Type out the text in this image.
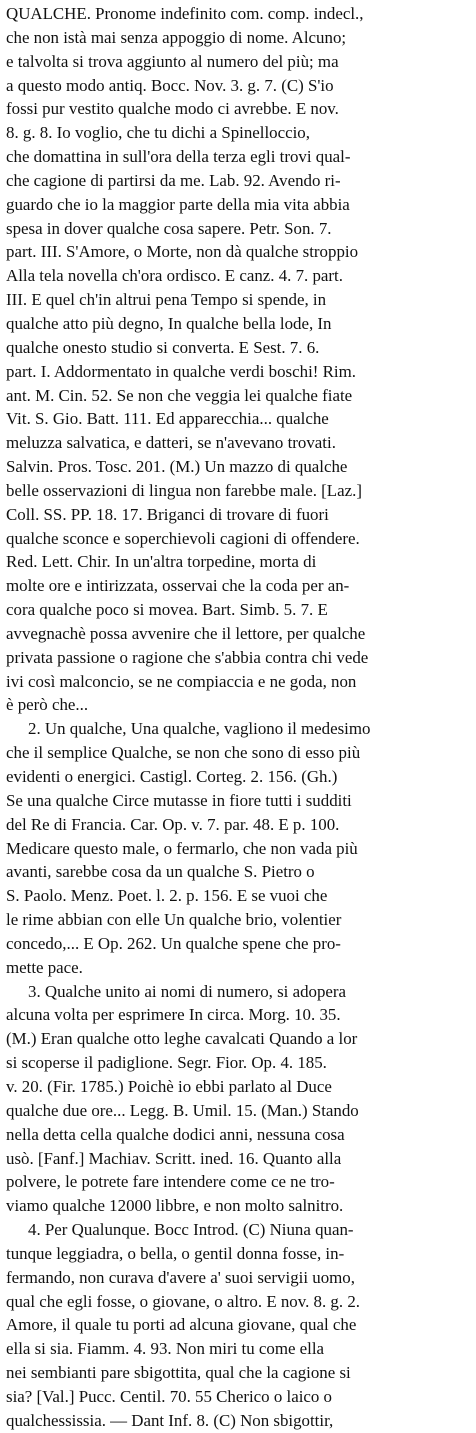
QUALCHE. Pronome indefinito com. comp. indecl.,
che non istà mai senza appoggio di nome. Alcuno;
e talvolta si trova aggiunto al numero del più; ma
a questo modo antiq. Bocc. Nov. 3. g. 7. (C) S'io
fossi pur vestito qualche modo ci avrebbe. E nov.
8. g. 8. Io voglio, che tu dichi a Spinelloccio,
che domattina in sull'ora della terza egli trovi qual-
che cagione di partirsi da me. Lab. 92. Avendo ri-
guardo che io la maggior parte della mia vita abbia
spesa in dover qualche cosa sapere. Petr. Son. 7.
part. III. S'Amore, o Morte, non dà qualche stroppio
Alla tela novella ch'ora ordisco. E canz. 4. 7. part.
III. E quel ch'in altrui pena Tempo si spende, in
qualche atto più degno, In qualche bella lode, In
qualche onesto studio si converta. E Sest. 7. 6.
part. I. Addormentato in qualche verdi boschi! Rim.
ant. M. Cin. 52. Se non che veggia lei qualche fiate
Vit. S. Gio. Batt. 111. Ed apparecchia... qualche
meluzza salvatica, e datteri, se n'avevano trovati.
Salvin. Pros. Tosc. 201. (M.) Un mazzo di qualche
belle osservazioni di lingua non farebbe male. [Laz.]
Coll. SS. PP. 18. 17. Briganci di trovare di fuori
qualche sconce e soperchievoli cagioni di offendere.
Red. Lett. Chir. In un'altra torpedine, morta di
molte ore e intirizzata, osservai che la coda per an-
cora qualche poco si movea. Bart. Simb. 5. 7. E
avvegnachè possa avvenire che il lettore, per qualche
privata passione o ragione che s'abbia contra chi vede
ivi così malconcio, se ne compiaccia e ne goda, non
è però che...
2. Un qualche, Una qualche, vagliono il medesimo
che il semplice Qualche, se non che sono di esso più
evidenti o energici. Castigl. Corteg. 2. 156. (Gh.)
Se una qualche Circe mutasse in fiore tutti i sudditi
del Re di Francia. Car. Op. v. 7. par. 48. E p. 100.
Medicare questo male, o fermarlo, che non vada più
avanti, sarebbe cosa da un qualche S. Pietro o
S. Paolo. Menz. Poet. l. 2. p. 156. E se vuoi che
le rime abbian con elle Un qualche brio, volentier
concedo,... E Op. 262. Un qualche spene che pro-
mette pace.
3. Qualche unito ai nomi di numero, si adopera
alcuna volta per esprimere In circa. Morg. 10. 35.
(M.) Eran qualche otto leghe cavalcati Quando a lor
si scoperse il padiglione. Segr. Fior. Op. 4. 185.
v. 20. (Fir. 1785.) Poichè io ebbi parlato al Duce
qualche due ore... Legg. B. Umil. 15. (Man.) Stando
nella detta cella qualche dodici anni, nessuna cosa
usò. [Fanf.] Machiav. Scritt. ined. 16. Quanto alla
polvere, le potrete fare intendere come ce ne tro-
viamo qualche 12000 libbre, e non molto salnitro.
4. Per Qualunque. Bocc Introd. (C) Niuna quan-
tunque leggiadra, o bella, o gentil donna fosse, in-
fermando, non curava d'avere a' suoi servigii uomo,
qual che egli fosse, o giovane, o altro. E nov. 8. g. 2.
Amore, il quale tu porti ad alcuna giovane, qual che
ella si sia. Fiamm. 4. 93. Non miri tu come ella
nei sembianti pare sbigottita, qual che la cagione si
sia? [Val.] Pucc. Centil. 70. 55 Cherico o laico o
qualchessissia. — Dant Inf. 8. (C) Non sbigottir,
